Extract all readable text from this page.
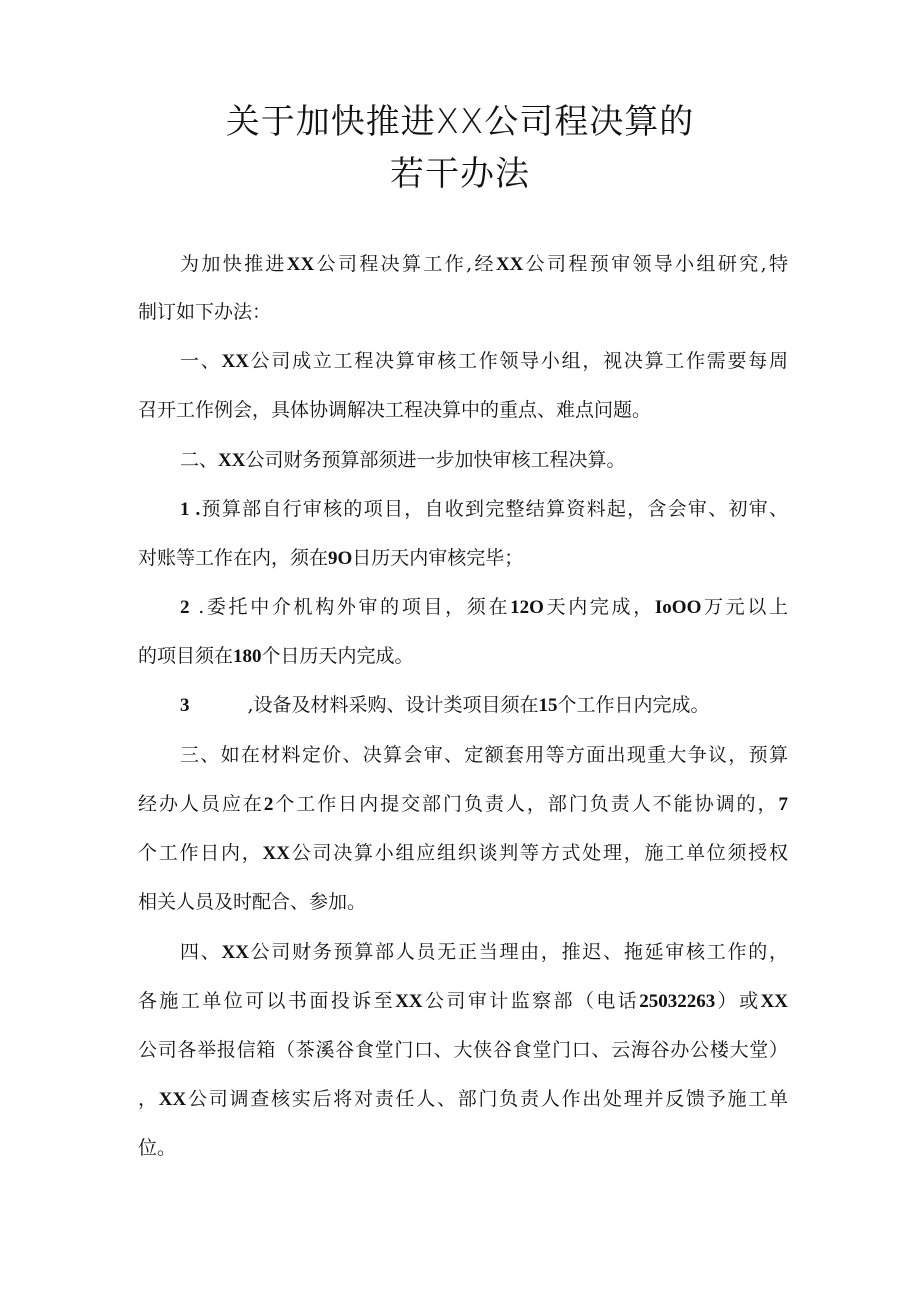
关于加快推进XX公司程决算的
若干办法
为加快推进XX公司程决算工作,经XX公司程预审领导小组研究,特
制订如下办法：
一、XX公司成立工程决算审核工作领导小组，视决算工作需要每周
召开工作例会，具体协调解决工程决算中的重点、难点问题。
二、XX公司财务预算部须进一步加快审核工程决算。
1 .预算部自行审核的项目，自收到完整结算资料起，含会审、初审、
对账等工作在内，须在9O日历天内审核完毕；
2 .委托中介机构外审的项目，须在12O天内完成，IoOO万元以上
的项目须在180个日历天内完成。
3	,设备及材料采购、设计类项目须在15个工作日内完成。
三、如在材料定价、决算会审、定额套用等方面出现重大争议，预算
经办人员应在2个工作日内提交部门负责人，部门负责人不能协调的，7
个工作日内，XX公司决算小组应组织谈判等方式处理，施工单位须授权
相关人员及时配合、参加。
四、XX公司财务预算部人员无正当理由，推迟、拖延审核工作的，
各施工单位可以书面投诉至XX公司审计监察部（电话25032263）或XX
公司各举报信箱（茶溪谷食堂门口、大侠谷食堂门口、云海谷办公楼大堂）
，XX公司调查核实后将对责任人、部门负责人作出处理并反馈予施工单
位。
